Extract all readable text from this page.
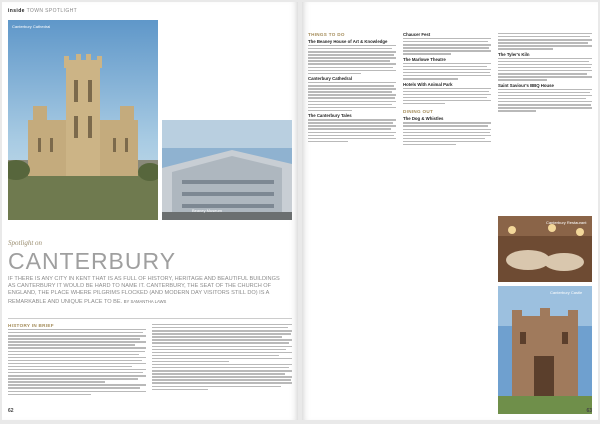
inside TOWN SPOTLIGHT
Canterbury Cathedral
Beaney Museum
Spotlight on
CANTERBURY
IF THERE IS ANY CITY IN KENT THAT IS AS FULL OF HISTORY, HERITAGE AND BEAUTIFUL BUILDINGS AS CANTERBURY IT WOULD BE HARD TO NAME IT. CANTERBURY, THE SEAT OF THE CHURCH OF ENGLAND, THE PLACE WHERE PILGRIMS FLOCKED (AND MODERN DAY VISITORS STILL DO) IS A REMARKABLE AND UNIQUE PLACE TO BE. BY SAMANTHA LAWS
HISTORY IN BRIEF
62
THINGS TO DO
The Beaney House of Art & Knowledge
Canterbury Cathedral
The Canterbury Tales
Chaucer Fest
The Marlowe Theatre
Hotels With Animal Park
DINING OUT
The Dog & Whistles
The Tyler's Kiln
Saint Saviour's BBQ House
Canterbury Restaurant
Canterbury Castle
63
